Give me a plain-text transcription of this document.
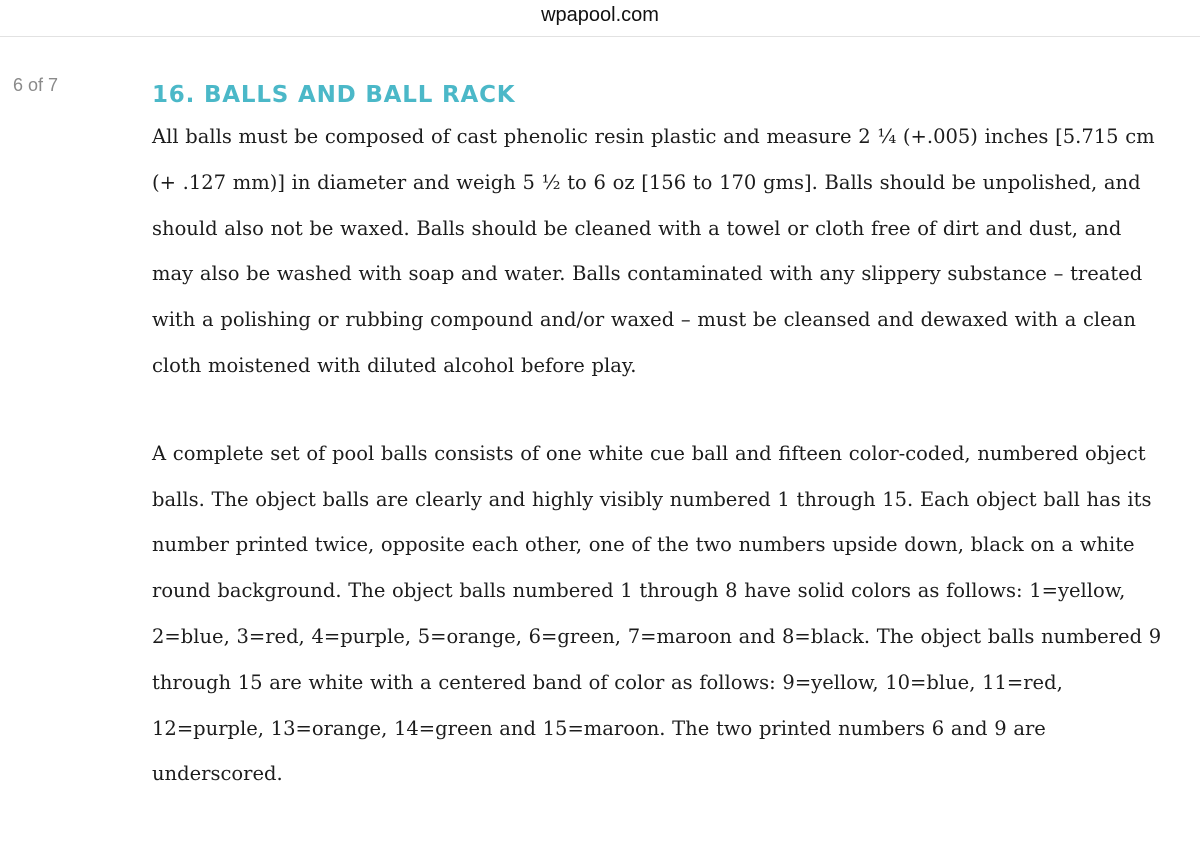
wpapool.com
6 of 7	16. BALLS AND BALL RACK

All balls must be composed of cast phenolic resin plastic and measure 2 ¼ (+.005) inches [5.715 cm (+ .127 mm)] in diameter and weigh 5 ½ to 6 oz [156 to 170 gms]. Balls should be unpolished, and should also not be waxed. Balls should be cleaned with a towel or cloth free of dirt and dust, and may also be washed with soap and water. Balls contaminated with any slippery substance – treated with a polishing or rubbing compound and/or waxed – must be cleansed and dewaxed with a clean cloth moistened with diluted alcohol before play.

A complete set of pool balls consists of one white cue ball and fifteen color-coded, numbered object balls. The object balls are clearly and highly visibly numbered 1 through 15. Each object ball has its number printed twice, opposite each other, one of the two numbers upside down, black on a white round background. The object balls numbered 1 through 8 have solid colors as follows: 1=yellow, 2=blue, 3=red, 4=purple, 5=orange, 6=green, 7=maroon and 8=black. The object balls numbered 9 through 15 are white with a centered band of color as follows: 9=yellow, 10=blue, 11=red, 12=purple, 13=orange, 14=green and 15=maroon. The two printed numbers 6 and 9 are underscored.
